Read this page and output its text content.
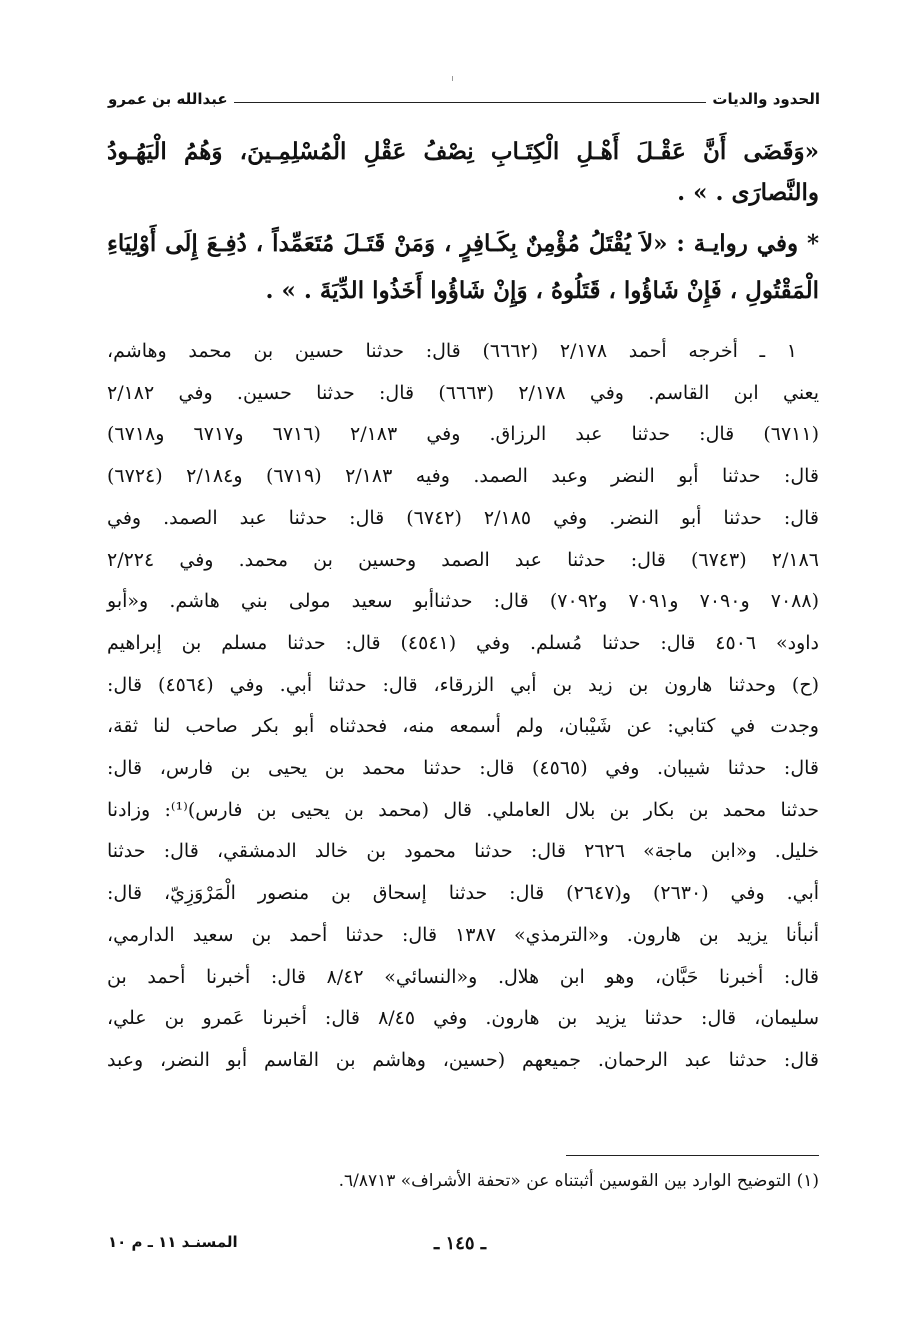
الحدود والديات
عبدالله بن عمرو
«وَقَضَى أَنَّ عَقْـلَ أَهْـلِ الْكِتَـابِ نِصْفُ عَقْلِ الْمُسْلِمِـينَ، وَهُمُ الْيَهُـودُ
والنَّصارَى . » .
* وفي روايـة : «لاَ يُقْتَلُ مُؤْمِنٌ بِكَـافِرٍ ، وَمَنْ قَتَـلَ مُتَعَمِّداً ، دُفِـعَ إِلَى أَوْلِيَاءِ
الْمَقْتُولِ ، فَإِنْ شَاؤُوا ، قَتَلُوهُ ، وَإِنْ شَاؤُوا أَخَذُوا الدِّيَةَ . » .
١ ـ أخرجه أحمد ٢/١٧٨ (٦٦٦٢) قال: حدثنا حسين بن محمد وهاشم،
يعني ابن القاسم. وفي ٢/١٧٨ (٦٦٦٣) قال: حدثنا حسين. وفي ٢/١٨٢
(٦٧١١) قال: حدثنا عبد الرزاق. وفي ٢/١٨٣ (٦٧١٦ و٦٧١٧ و٦٧١٨)
قال: حدثنا أبو النضر وعبد الصمد. وفيه ٢/١٨٣ (٦٧١٩) و٢/١٨٤ (٦٧٢٤)
قال: حدثنا أبو النضر. وفي ٢/١٨٥ (٦٧٤٢) قال: حدثنا عبد الصمد. وفي
٢/١٨٦ (٦٧٤٣) قال: حدثنا عبد الصمد وحسين بن محمد. وفي ٢/٢٢٤
(٧٠٨٨ و٧٠٩٠ و٧٠٩١ و٧٠٩٢) قال: حدثناأبو سعيد مولى بني هاشم. و«أبو
داود» ٤٥٠٦ قال: حدثنا مُسلم. وفي (٤٥٤١) قال: حدثنا مسلم بن إبراهيم
(ح) وحدثنا هارون بن زيد بن أبي الزرقاء، قال: حدثنا أبي. وفي (٤٥٦٤) قال:
وجدت في كتابي: عن شَيْبان، ولم أسمعه منه، فحدثناه أبو بكر صاحب لنا ثقة،
قال: حدثنا شيبان. وفي (٤٥٦٥) قال: حدثنا محمد بن يحيى بن فارس، قال:
حدثنا محمد بن بكار بن بلال العاملي. قال (محمد بن يحيى بن فارس)⁽¹⁾: وزادنا
خليل. و«ابن ماجة» ٢٦٢٦ قال: حدثنا محمود بن خالد الدمشقي، قال: حدثنا
أبي. وفي (٢٦٣٠) و(٢٦٤٧) قال: حدثنا إسحاق بن منصور الْمَرْوَزِيّ، قال:
أنبأنا يزيد بن هارون. و«الترمذي» ١٣٨٧ قال: حدثنا أحمد بن سعيد الدارمي،
قال: أخبرنا حَبَّان، وهو ابن هلال. و«النسائي» ٨/٤٢ قال: أخبرنا أحمد بن
سليمان، قال: حدثنا يزيد بن هارون. وفي ٨/٤٥ قال: أخبرنا عَمرو بن علي،
قال: حدثنا عبد الرحمان. جميعهم (حسين، وهاشم بن القاسم أبو النضر، وعبد
(١) التوضيح الوارد بين القوسين أثبتناه عن «تحفة الأشراف» ٦/٨٧١٣.
ـ ١٤٥ ـ
المسنـد ١١ ـ م ١٠
